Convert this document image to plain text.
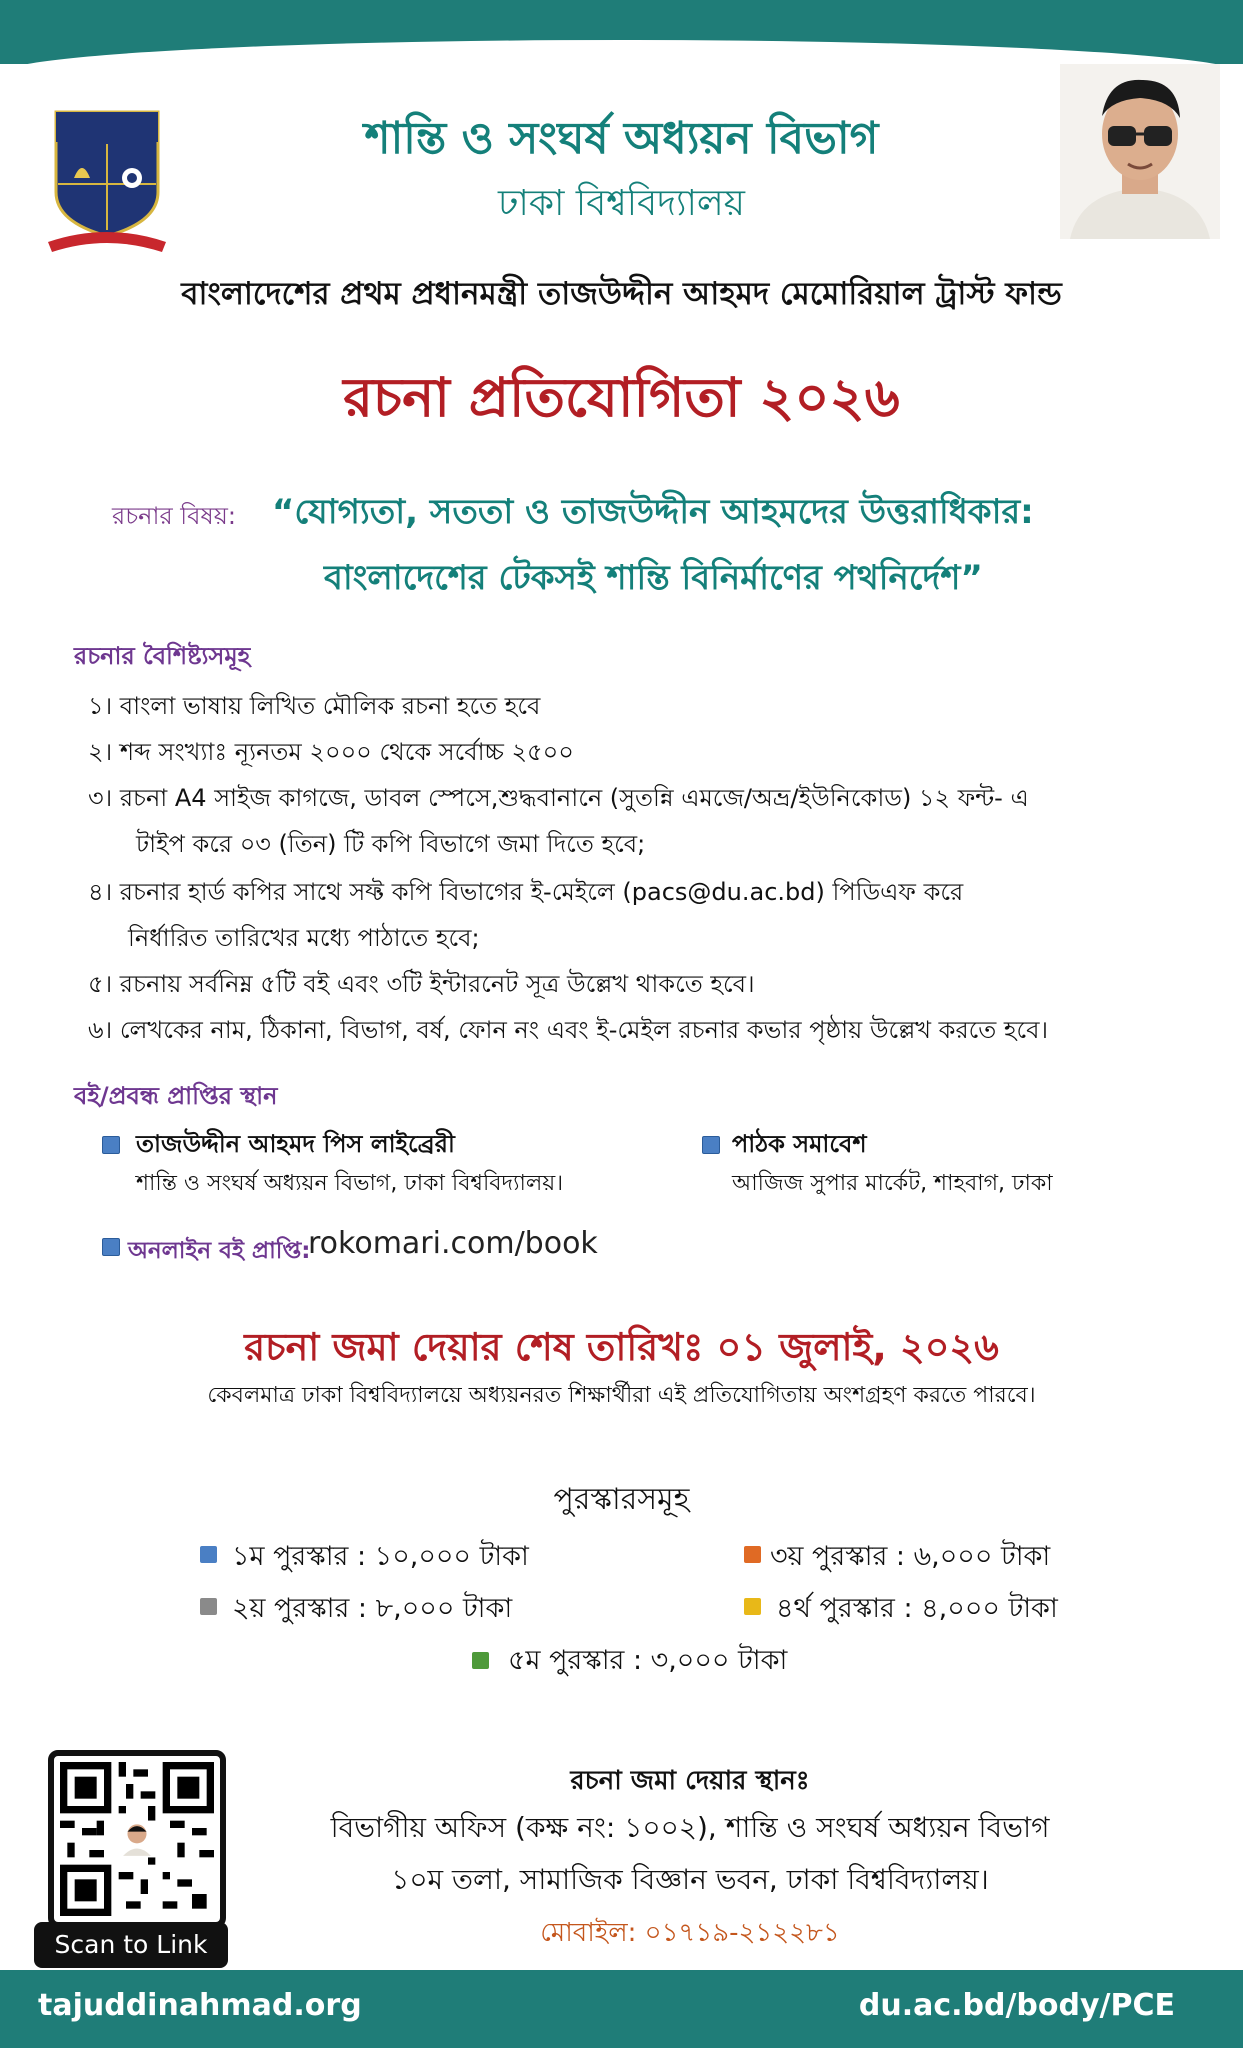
শান্তি ও সংঘর্ষ অধ্যয়ন বিভাগ
ঢাকা বিশ্ববিদ্যালয়
বাংলাদেশের প্রথম প্রধানমন্ত্রী তাজউদ্দীন আহমদ মেমোরিয়াল ট্রাস্ট ফান্ড
রচনা প্রতিযোগিতা ২০২৬
রচনার বিষয়: “যোগ্যতা, সততা ও তাজউদ্দীন আহমদের উত্তরাধিকার:
বাংলাদেশের টেকসই শান্তি বিনির্মাণের পথনির্দেশ”
রচনার বৈশিষ্ট্যসমূহ
১। বাংলা ভাষায় লিখিত মৌলিক রচনা হতে হবে
২। শব্দ সংখ্যাঃ ন্যূনতম ২০০০ থেকে সর্বোচ্চ ২৫০০
৩। রচনা A4 সাইজ কাগজে, ডাবল স্পেসে,শুদ্ধবানানে (সুতন্নি এমজে/অভ্র/ইউনিকোড) ১২ ফন্ট- এ
টাইপ করে ০৩ (তিন) টি কপি বিভাগে জমা দিতে হবে;
৪। রচনার হার্ড কপির সাথে সফ্ট কপি বিভাগের ই-মেইলে (pacs@du.ac.bd) পিডিএফ করে
নির্ধারিত তারিখের মধ্যে পাঠাতে হবে;
৫। রচনায় সর্বনিম্ন ৫টি বই এবং ৩টি ইন্টারনেট সূত্র উল্লেখ থাকতে হবে।
৬। লেখকের নাম, ঠিকানা, বিভাগ, বর্ষ, ফোন নং এবং ই-মেইল রচনার কভার পৃষ্ঠায় উল্লেখ করতে হবে।
বই/প্রবন্ধ প্রাপ্তির স্থান
তাজউদ্দীন আহমদ পিস লাইব্রেরী
শান্তি ও সংঘর্ষ অধ্যয়ন বিভাগ, ঢাকা বিশ্ববিদ্যালয়।
পাঠক সমাবেশ
আজিজ সুপার মার্কেট, শাহবাগ, ঢাকা
অনলাইন বই প্রাপ্তি:
rokomari.com/book
রচনা জমা দেয়ার শেষ তারিখঃ ০১ জুলাই, ২০২৬
কেবলমাত্র ঢাকা বিশ্ববিদ্যালয়ে অধ্যয়নরত শিক্ষার্থীরা এই প্রতিযোগিতায় অংশগ্রহণ করতে পারবে।
পুরস্কারসমূহ
১ম পুরস্কার : ১০,০০০ টাকা
২য় পুরস্কার : ৮,০০০ টাকা
৩য় পুরস্কার : ৬,০০০ টাকা
৪র্থ পুরস্কার : ৪,০০০ টাকা
৫ম পুরস্কার : ৩,০০০ টাকা
Scan to Link
রচনা জমা দেয়ার স্থানঃ
বিভাগীয় অফিস (কক্ষ নং: ১০০২), শান্তি ও সংঘর্ষ অধ্যয়ন বিভাগ
১০ম তলা, সামাজিক বিজ্ঞান ভবন, ঢাকা বিশ্ববিদ্যালয়।
মোবাইল: ০১৭১৯-২১২২৮১
tajuddinahmad.org	du.ac.bd/body/PCE
